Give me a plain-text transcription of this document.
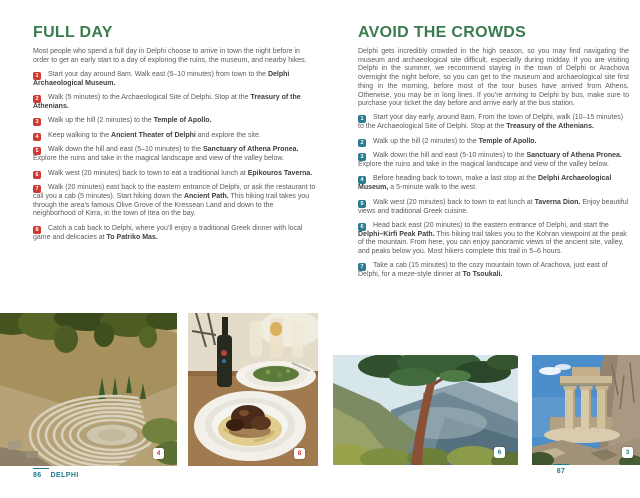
FULL DAY

Most people who spend a full day in Delphi choose to arrive in town the night before in order to get an early start to a day of exploring the ruins, the museum, and nearby hikes.

1 Start your day around 8am. Walk east (5–10 minutes) from town to the Delphi Archaeological Museum.
2 Walk (5 minutes) to the Archaeological Site of Delphi. Stop at the Treasury of the Athenians.
3 Walk up the hill (2 minutes) to the Temple of Apollo.
4 Keep walking to the Ancient Theater of Delphi and explore the site.
5 Walk down the hill and east (5–10 minutes) to the Sanctuary of Athena Pronea. Explore the ruins and take in the magical landscape and view of the valley below.
6 Walk west (20 minutes) back to town to eat a traditional lunch at Epikouros Taverna.
7 Walk (20 minutes) east back to the eastern entrance of Delphi, or ask the restaurant to call you a cab (5 minutes). Start hiking down the Ancient Path. This hiking trail takes you through the area’s famous Olive Grove of the Kressean Land and down to the neighborhood of Kirra, in the town of Itea on the bay.
8 Catch a cab back to Delphi, where you’ll enjoy a traditional Greek dinner with local game and delicacies at To Patriko Mas.
AVOID THE CROWDS

Delphi gets incredibly crowded in the high season, so you may find navigating the museum and archaeological site difficult, especially during midday. If you are visiting Delphi in the summer, we recommend staying in the town of Delphi or Arachova overnight the night before, so you can get to the museum and archaeological site first thing in the morning, before most of the tour buses have arrived from Athens. Otherwise, you may be in long lines. If you’re arriving to Delphi by bus, make sure to purchase your ticket the day before and arrive early at the bus station.

1 Start your day early, around 8am. From the town of Delphi, walk (10–15 minutes) to the Archaeological Site of Delphi. Stop at the Treasury of the Athenians.
2 Walk up the hill (2 minutes) to the Temple of Apollo.
3 Walk down the hill and east (5-10 minutes) to the Sanctuary of Athena Pronea. Explore the ruins and take in the magical landscape and view of the valley below.
4 Before heading back to town, make a last stop at the Delphi Archaeological Museum, a 5-minute walk to the west.
5 Walk west (20 minutes) back to town to eat lunch at Taverna Dion. Enjoy beautiful views and traditional Greek cuisine.
6 Head back east (20 minutes) to the eastern entrance of Delphi, and start the Delphi–Kirfi Peak Path. This hiking trail takes you to the Kohran viewpoint at the peak of the mountain. From here, you can enjoy panoramic views of the ancient site, valley, and peaks below you. Most hikers complete this trail in 5–6 hours.
7 Take a cab (15 minutes) to the cozy mountain town of Arachova, just east of Delphi, for a meze-style dinner at To Tsoukali.
4	8	6	3
86 DELPHI
87
